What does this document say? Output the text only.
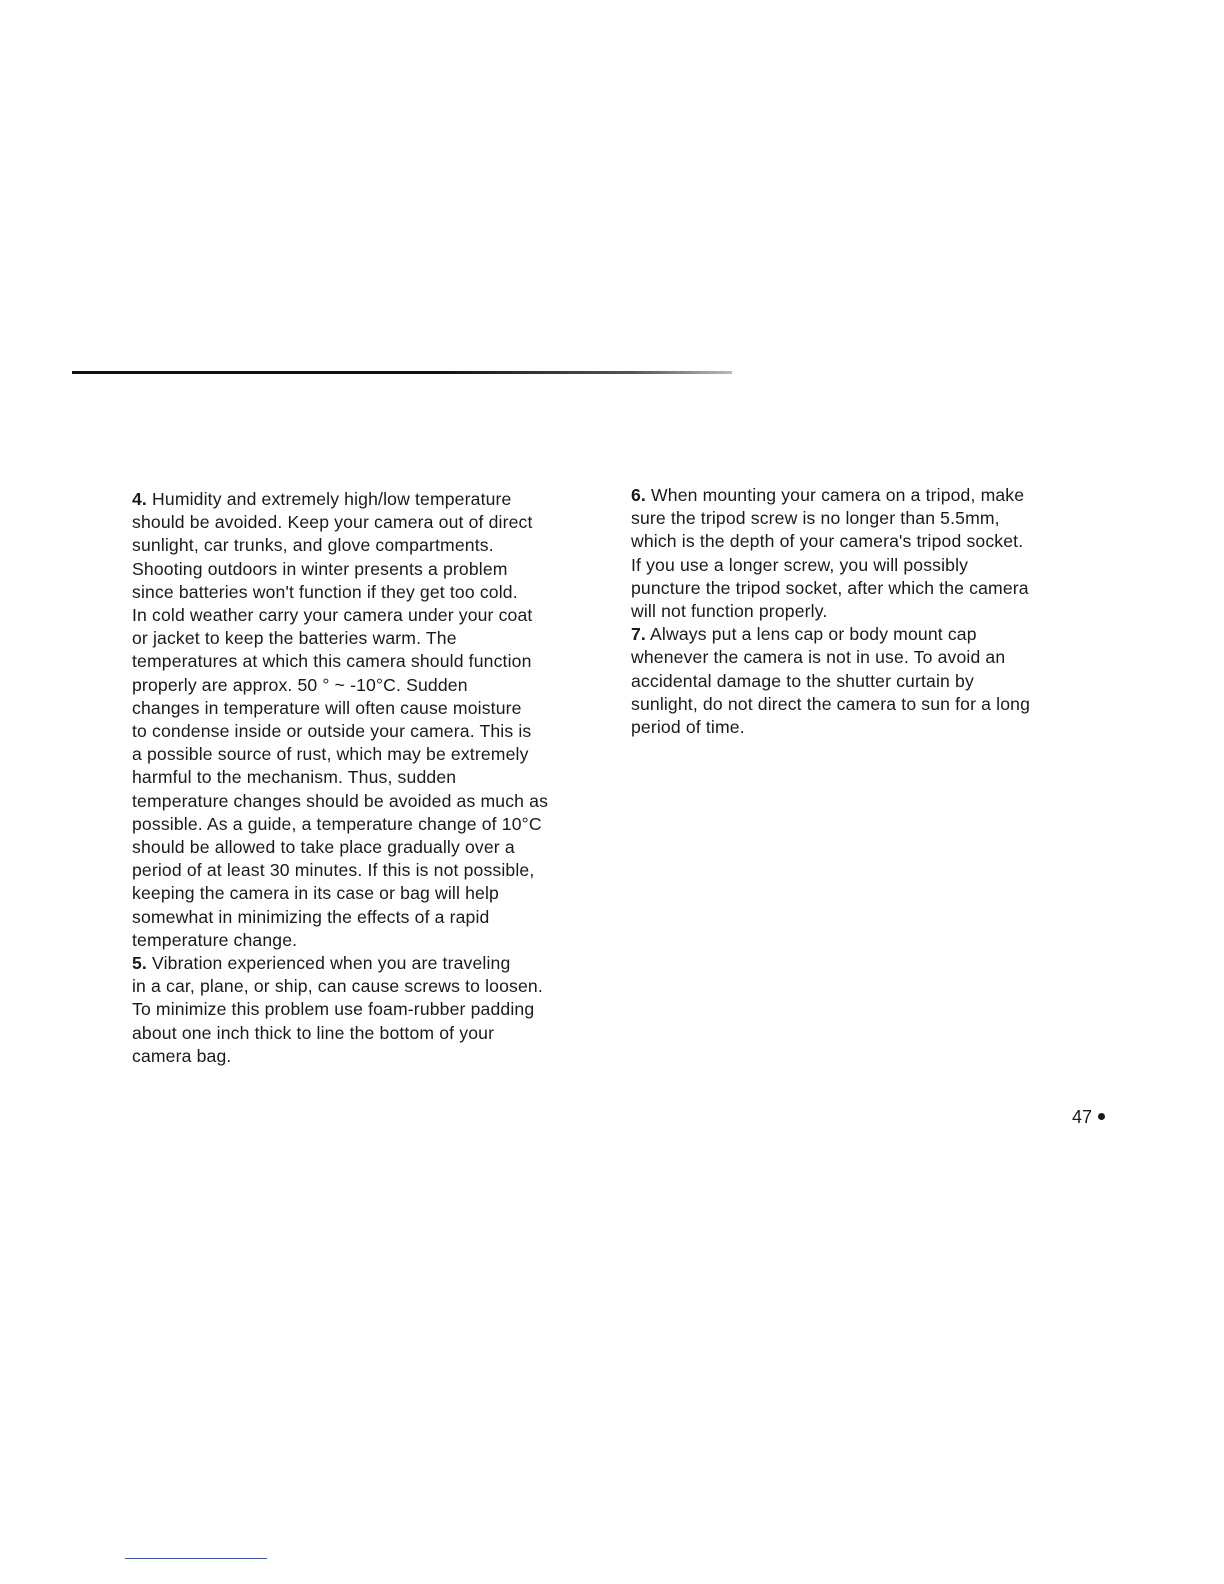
4. Humidity and extremely high/low temperature
should be avoided. Keep your camera out of direct
sunlight, car trunks, and glove compartments.
Shooting outdoors in winter presents a problem
since batteries won't function if they get too cold.
In cold weather carry your camera under your coat
or jacket to keep the batteries warm. The
temperatures at which this camera should function
properly are approx. 50 ° ~ -10°C. Sudden
changes in temperature will often cause moisture
to condense inside or outside your camera. This is
a possible source of rust, which may be extremely
harmful to the mechanism. Thus, sudden
temperature changes should be avoided as much as
possible. As a guide, a temperature change of 10°C
should be allowed to take place gradually over a
period of at least 30 minutes. If this is not possible,
keeping the camera in its case or bag will help
somewhat in minimizing the effects of a rapid
temperature change.

5. Vibration experienced when you are traveling
in a car, plane, or ship, can cause screws to loosen.
To minimize this problem use foam-rubber padding
about one inch thick to line the bottom of your
camera bag.

6. When mounting your camera on a tripod, make
sure the tripod screw is no longer than 5.5mm,
which is the depth of your camera's tripod socket.
If you use a longer screw, you will possibly
puncture the tripod socket, after which the camera
will not function properly.

7. Always put a lens cap or body mount cap
whenever the camera is not in use. To avoid an
accidental damage to the shutter curtain by
sunlight, do not direct the camera to sun for a long
period of time.

47
